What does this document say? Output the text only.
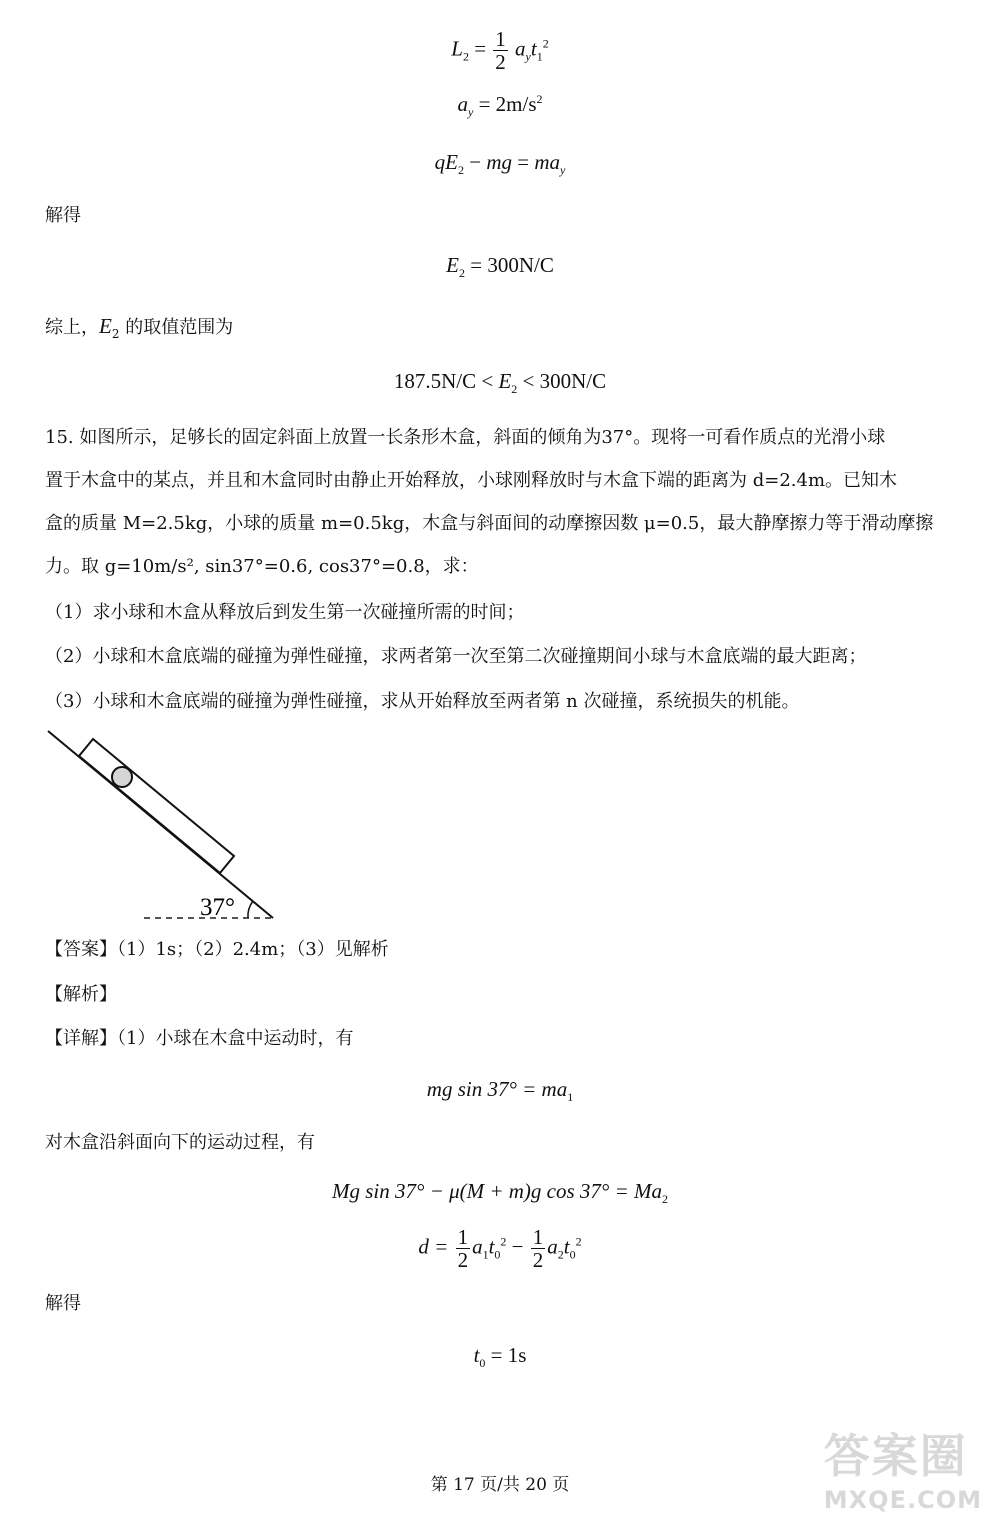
$L_2 = \frac{1}{2} a_yt_1^2$
$a_y = 2m/s^2$
$qE_2$ − mg = $ma_y$
解得
$E_2 = 300N/C$
综上，$E_2$ 的取值范围为
$187.5N/C < E_2 < 300N/C$
15. 如图所示，足够长的固定斜面上放置一长条形木盒，斜面的倾角为37°。现将一可看作质点的光滑小球
置于木盒中的某点，并且和木盒同时由静止开始释放，小球刚释放时与木盒下端的距离为 d=2.4m。已知木
盒的质量 M=2.5kg，小球的质量 m=0.5kg，木盒与斜面间的动摩擦因数 μ=0.5，最大静摩擦力等于滑动摩擦
力。取 g=10m/s², sin37°=0.6, cos37°=0.8，求：
（1）求小球和木盒从释放后到发生第一次碰撞所需的时间；
（2）小球和木盒底端的碰撞为弹性碰撞，求两者第一次至第二次碰撞期间小球与木盒底端的最大距离；
（3）小球和木盒底端的碰撞为弹性碰撞，求从开始释放至两者第 n 次碰撞，系统损失的机能。
37°
【答案】（1）1s；（2）2.4m；（3）见解析
【解析】
【详解】（1）小球在木盒中运动时，有
mg $\sin 37^\circ = ma_1$
对木盒沿斜面向下的运动过程，有
Mg sin 37° − μ(M + m)g $\cos 37^\circ = Ma_2$
$d = \frac{1}{2} a_1t_0^2 - \frac{1}{2} a_2t_0^2$
解得
$t_0 = 1s$
答案圈
MXQE.COM
第 17 页/共 20 页
